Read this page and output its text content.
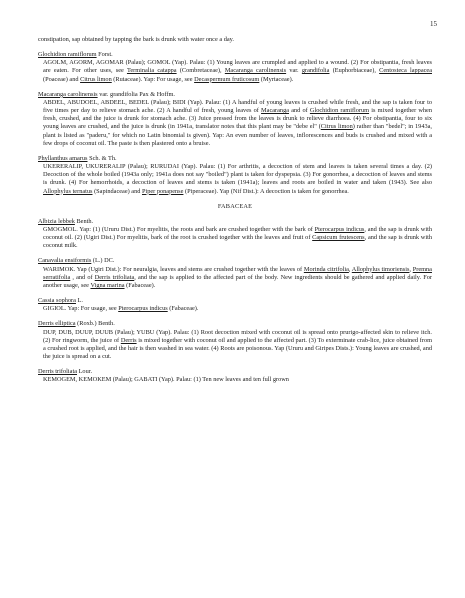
15

constipation, sap obtained by tapping the bark is drunk with water once a day.

Glochidion ramiflorum Forst.

AGOLM, AGORM, AGOMAR (Palau); GOMOL (Yap). Palau: (1) Young leaves are crumpled and applied to a wound. (2) For obstipantia, fresh leaves are eaten. For other uses, see Terminalia catappa (Combretaceae), Macaranga carolinensis var. grandifolia (Euphorbiaceae), Centosteca lappacea (Poaceae) and Citrus limon (Rutaceae). Yap: For usage, see Decaspermum fruticosum (Myrtaceae).

Macaranga carolinensis var. grandifolia Pax & Hoffm.

ABDEL, ABUDOEL, ABDEEL, BEDEL (Palau); BIDI (Yap). Palau: (1) A handful of young leaves is crushed while fresh, and the sap is taken four to five times per day to relieve stomach ache. (2) A handful of fresh, young leaves of Macaranga and of Glochidion ramiflorum is mixed together when fresh, crushed, and the juice is drunk for stomach ache. (3) Juice pressed from the leaves is drunk to relieve diarrhoea. (4) For obstipantia, four to six young leaves are crushed, and the juice is drunk (in 1941a, translator notes that this plant may be "debe el" (Citrus limon) rather than "bedel"; in 1943a, plant is listed as "paderu," for which no Latin binomial is given). Yap: An even number of leaves, inflorescences and buds is crushed and mixed with a few drops of coconut oil. The paste is then plastered onto a bruise.

Phyllanthus amarus Sch. & Th.

UKERERALIP, UKURERALIP (Palau); RURUDAI (Yap). Palau: (1) For arthritis, a decoction of stem and leaves is taken several times a day. (2) Decoction of the whole boiled (1943a only; 1941a does not say "boiled") plant is taken for dyspepsia. (3) For gonorrhea, a decoction of leaves and stems is drunk. (4) For hemorrhoids, a decoction of leaves and stems is taken (1941a); leaves and roots are boiled in water and taken (1943). See also Allophylus ternatus (Sapindaceae) and Piper ponapense (Piperaceae). Yap (Nif Dist.): A decoction is taken for gonorrhea.

FABACEAE

Albizia lebbek Benth.

GMOGMOL. Yap: (1) (Ururu Dist.) For myelitis, the roots and bark are crushed together with the bark of Pterocarpus indicus, and the sap is drunk with coconut oil. (2) (Ugiri Dist.) For myelitis, bark of the root is crushed together with the leaves and fruit of Capsicum frutescens, and the sap is drunk with coconut milk.

Canavalia ensiformis (L.) DC.

WARIMOK. Yap (Ugiri Dist.): For neuralgia, leaves and stems are crushed together with the leaves of Morinda citrifolia, Allophylus timoriensis, Premna serratifolia , and of Derris trifoliata, and the sap is applied to the affected part of the body. New ingredients should be gathered and applied daily. For another usage, see Vigna marina (Fabaceae).

Cassia sophora L.

GIGIOL. Yap: For usage, see Pterocarpus indicus (Fabaceae).

Derris elliptica (Roxb.) Benth.

DUP, DUB, DUUP, DUUB (Palau); YUBU (Yap). Palau: (1) Root decoction mixed with coconut oil is spread onto prurigo-affected skin to relieve itch. (2) For ringworm, the juice of Derris is mixed together with coconut oil and applied to the affected part. (3) To exterminate crab-lice, juice obtained from a crushed root is applied, and the hair is then washed in sea water. (4) Roots are poisonous. Yap (Ururu and Giripes Dists.): Young leaves are crushed, and the juice is spread on a cut.

Derris trifoliata Lour.

KEMOGEM, KEMOKEM (Palau); GABATI (Yap). Palau: (1) Ten new leaves and ten full grown
